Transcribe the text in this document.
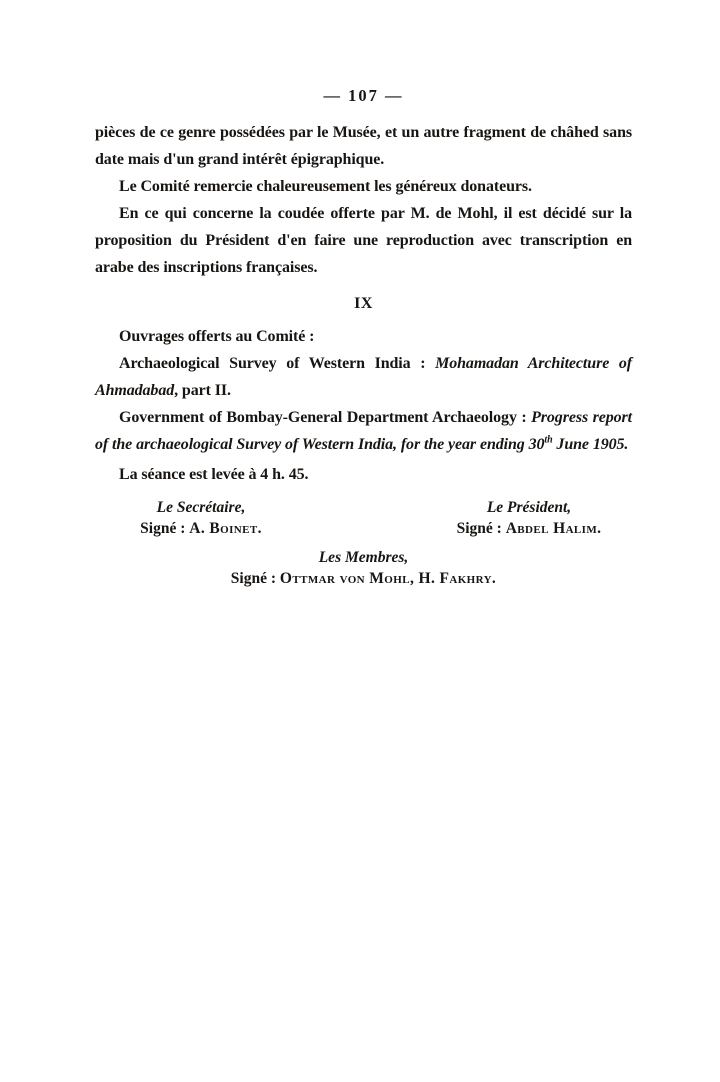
— 107 —

pièces de ce genre possédées par le Musée, et un autre fragment de châhed sans date mais d'un grand intérêt épigraphique.

Le Comité remercie chaleureusement les généreux donateurs.

En ce qui concerne la coudée offerte par M. de Mohl, il est décidé sur la proposition du Président d'en faire une reproduction avec transcription en arabe des inscriptions françaises.

IX

Ouvrages offerts au Comité :

Archaeological Survey of Western India : Mohamadan Architecture of Ahmadabad, part II.

Government of Bombay-General Department Archaeology : Progress report of the archaeological Survey of Western India, for the year ending 30th June 1905.

La séance est levée à 4 h. 45.

Le Secrétaire,
Signé : A. Boinet.
Le Président,
Signé : Abdel Halim.
Les Membres,
Signé : Ottmar von Mohl, H. Fakhry.
